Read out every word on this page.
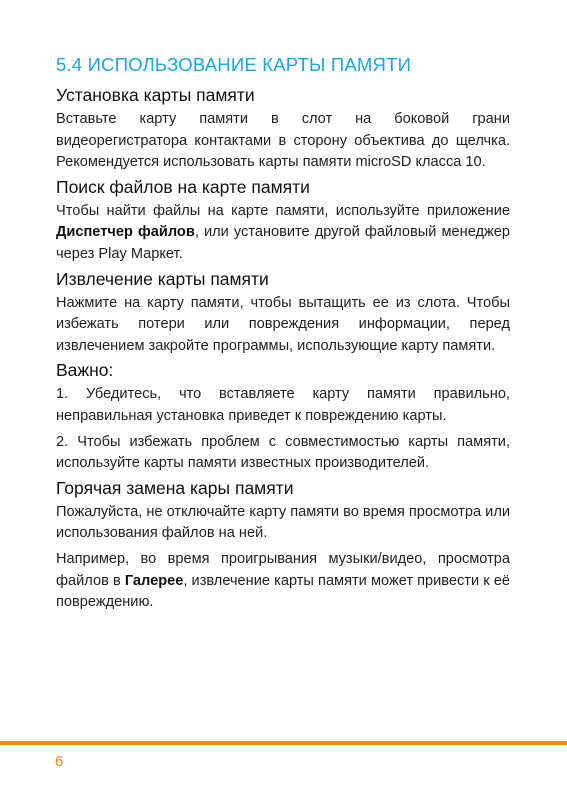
5.4 ИСПОЛЬЗОВАНИЕ КАРТЫ ПАМЯТИ
Установка карты памяти

Вставьте карту памяти в слот на боковой грани видеорегистратора контактами в сторону объектива до щелчка. Рекомендуется использовать карты памяти microSD класса 10.

Поиск файлов на карте памяти

Чтобы найти файлы на карте памяти, используйте приложение Диспетчер файлов, или установите другой файловый менеджер через Play Маркет.

Извлечение карты памяти

Нажмите на карту памяти, чтобы вытащить ее из слота. Чтобы избежать потери или повреждения информации, перед извлечением закройте программы, использующие карту памяти.

Важно:

1. Убедитесь, что вставляете карту памяти правильно, неправильная установка приведет к повреждению карты.

2. Чтобы избежать проблем с совместимостью карты памяти, используйте карты памяти известных производителей.

Горячая замена кары памяти

Пожалуйста, не отключайте карту памяти во время просмотра или использования файлов на ней.

Например, во время проигрывания музыки/видео, просмотра файлов в Галерее, извлечение карты памяти может привести к её повреждению.

6
